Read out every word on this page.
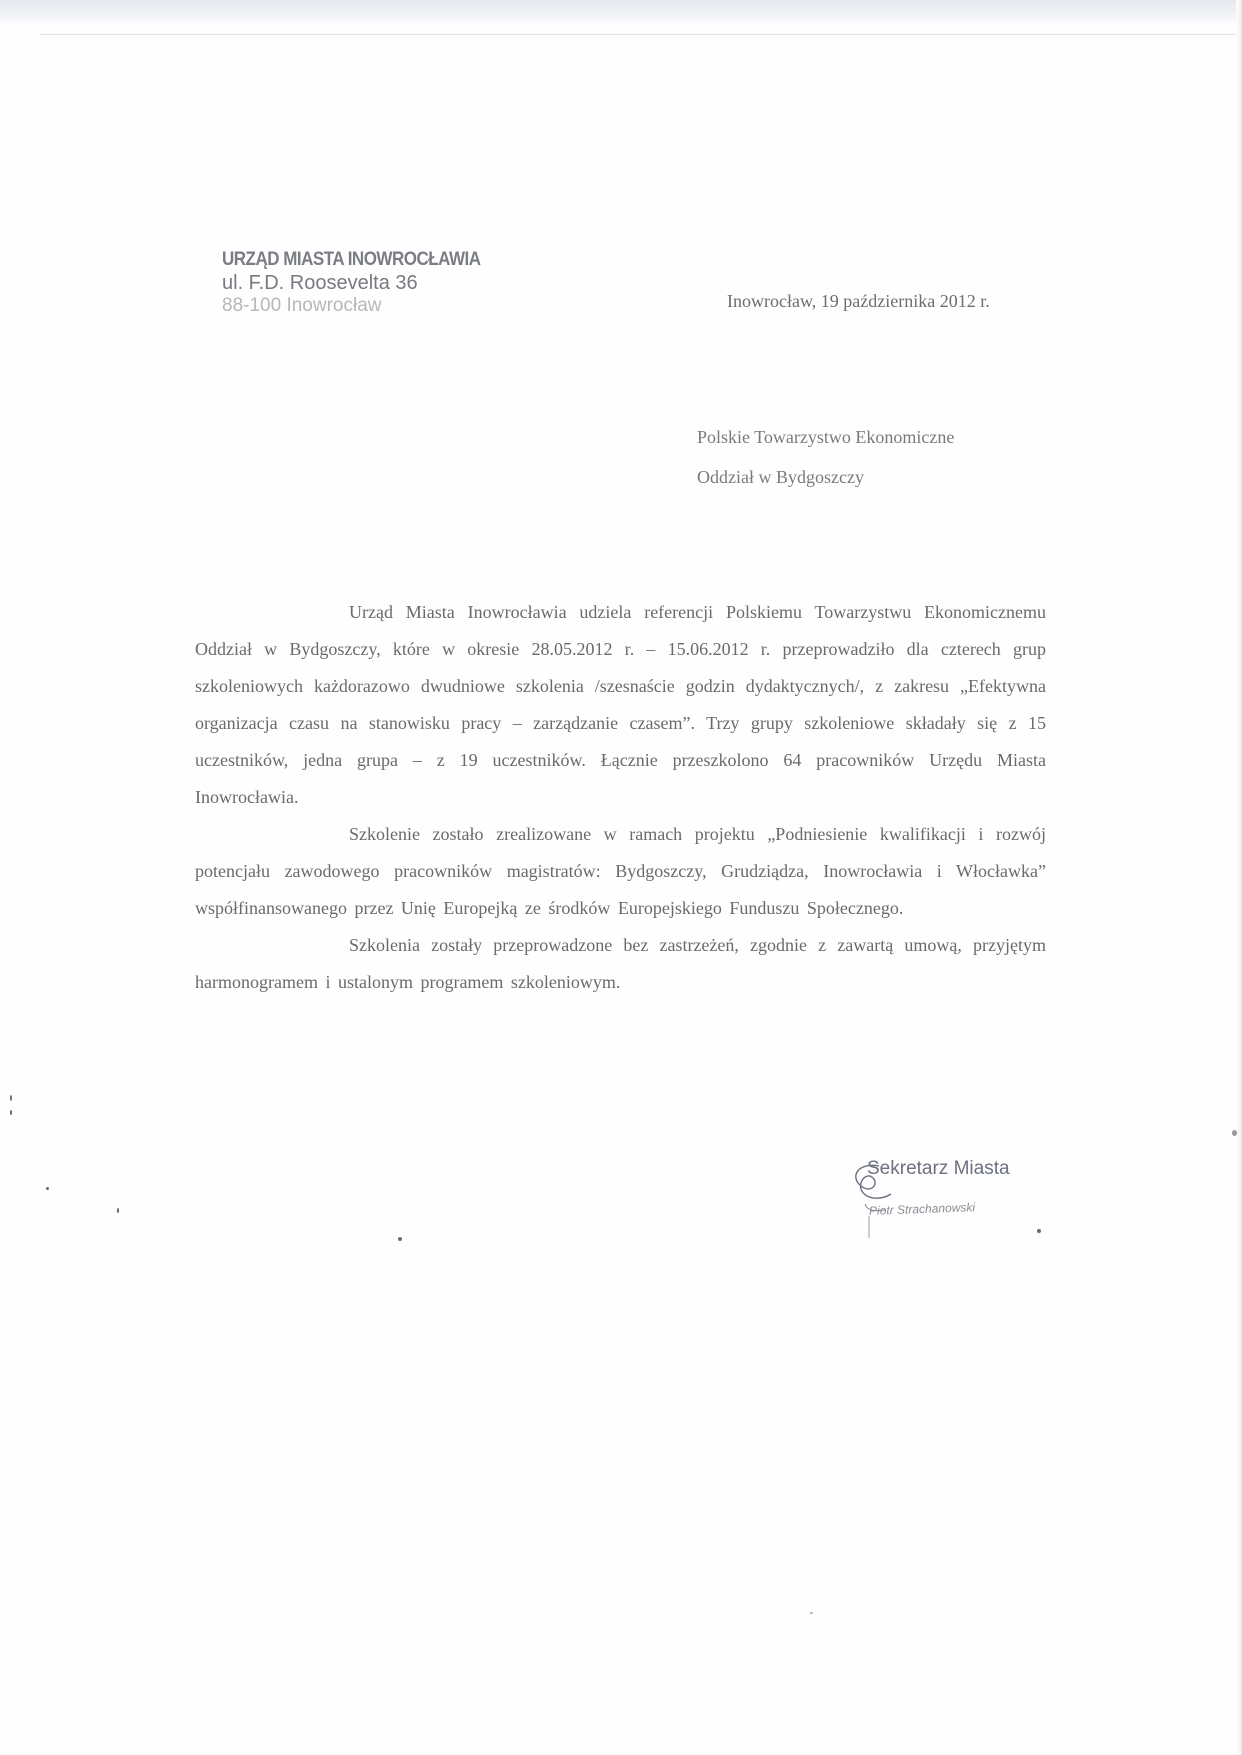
URZĄD MIASTA INOWROCŁAWIA
ul. F.D. Roosevelta 36
88-100 Inowrocław	Inowrocław, 19 października 2012 r.
Polskie Towarzystwo Ekonomiczne
Oddział w Bydgoszczy

Urząd Miasta Inowrocławia udziela referencji Polskiemu Towarzystwu Ekonomicznemu Oddział w Bydgoszczy, które w okresie 28.05.2012 r. – 15.06.2012 r. przeprowadziło dla czterech grup szkoleniowych każdorazowo dwudniowe szkolenia /szesnaście godzin dydaktycznych/, z zakresu „Efektywna organizacja czasu na stanowisku pracy – zarządzanie czasem”. Trzy grupy szkoleniowe składały się z 15 uczestników, jedna grupa – z 19 uczestników. Łącznie przeszkolono 64 pracowników Urzędu Miasta Inowrocławia.

Szkolenie zostało zrealizowane w ramach projektu „Podniesienie kwalifikacji i rozwój potencjału zawodowego pracowników magistratów: Bydgoszczy, Grudziądza, Inowrocławia i Włocławka” współfinansowanego przez Unię Europejką ze środków Europejskiego Funduszu Społecznego.

Szkolenia zostały przeprowadzone bez zastrzeżeń, zgodnie z zawartą umową, przyjętym harmonogramem i ustalonym programem szkoleniowym.

Sekretarz Miasta
Piotr Strachanowski
